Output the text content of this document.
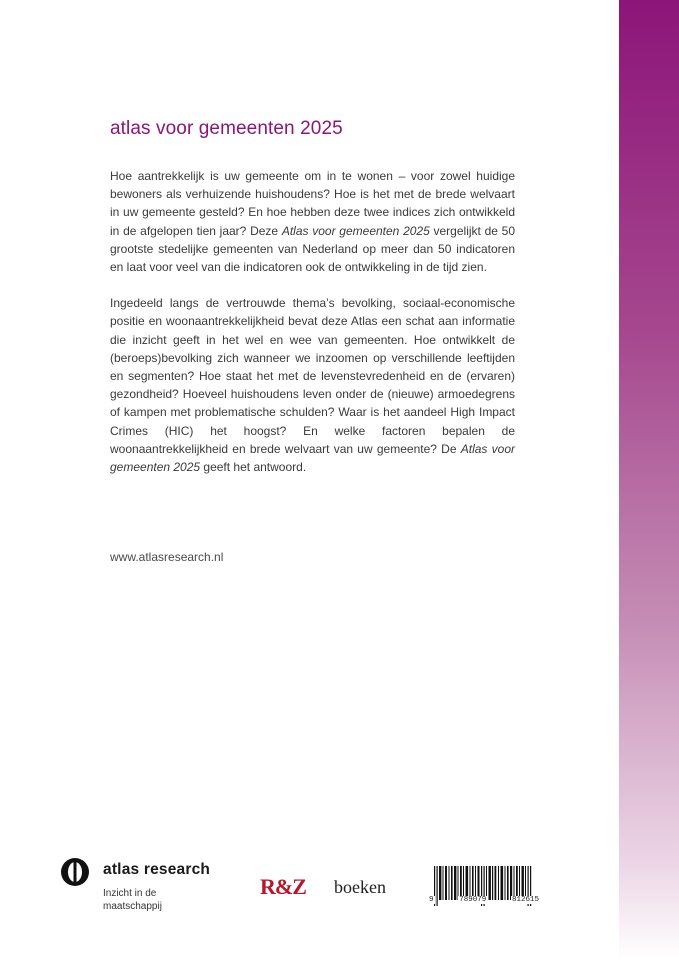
atlas voor gemeenten 2025

Hoe aantrekkelijk is uw gemeente om in te wonen – voor zowel huidige bewoners als verhuizende huishoudens? Hoe is het met de brede welvaart in uw gemeente gesteld? En hoe hebben deze twee indices zich ontwikkeld in de afgelopen tien jaar? Deze Atlas voor gemeenten 2025 vergelijkt de 50 grootste stedelijke gemeenten van Nederland op meer dan 50 indicatoren en laat voor veel van die indicatoren ook de ontwikkeling in de tijd zien.

Ingedeeld langs de vertrouwde thema’s bevolking, sociaal-economische positie en woonaantrekkelijkheid bevat deze Atlas een schat aan informatie die inzicht geeft in het wel en wee van gemeenten. Hoe ontwikkelt de (beroeps)bevolking zich wanneer we inzoomen op verschillende leeftijden en segmenten? Hoe staat het met de levenstevredenheid en de (ervaren) gezondheid? Hoeveel huishoudens leven onder de (nieuwe) armoedegrens of kampen met problematische schulden? Waar is het aandeel High Impact Crimes (HIC) het hoogst? En welke factoren bepalen de woonaantrekkelijkheid en brede welvaart van uw gemeente? De Atlas voor gemeenten 2025 geeft het antwoord.

www.atlasresearch.nl
atlas research
Inzicht in de maatschappij
R&Z boeken
9	789079	812615
